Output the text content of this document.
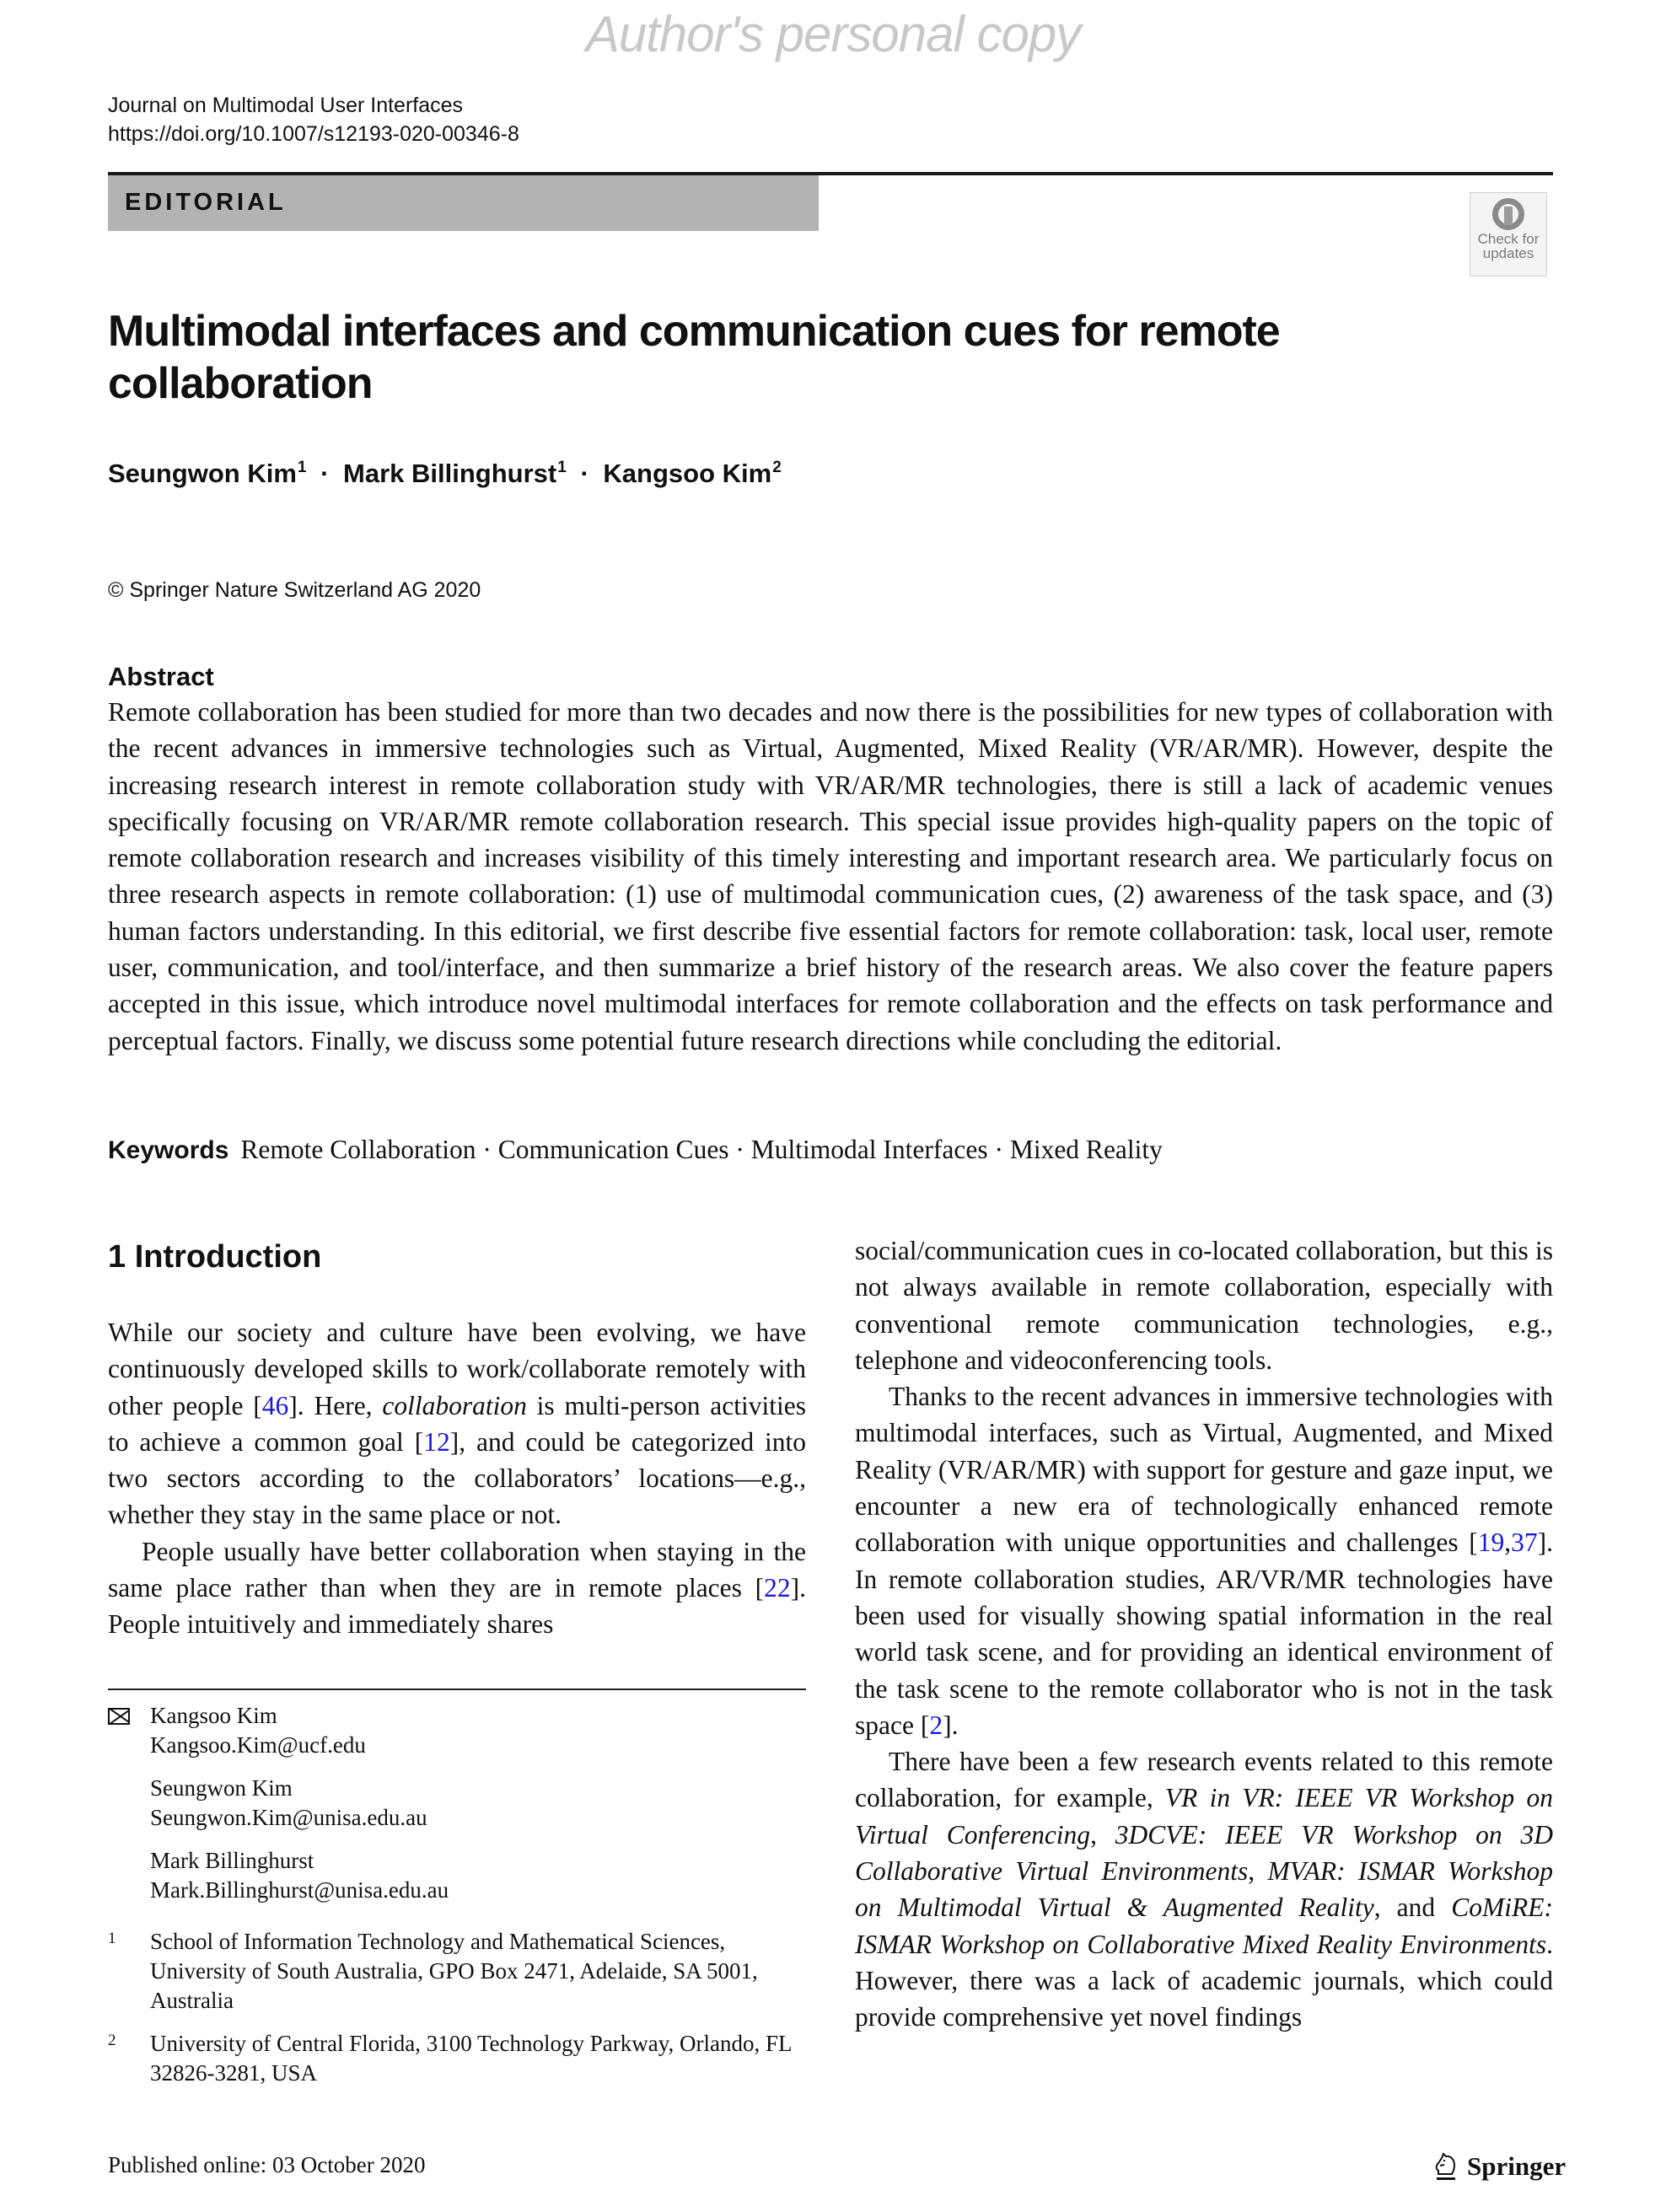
Author's personal copy
Journal on Multimodal User Interfaces
https://doi.org/10.1007/s12193-020-00346-8
EDITORIAL
Check for
updates
Multimodal interfaces and communication cues for remote
collaboration
Seungwon Kim$^1$ · Mark Billinghurst$^1$ · Kangsoo Kim$^2$
© Springer Nature Switzerland AG 2020
Abstract
Remote collaboration has been studied for more than two decades and now there is the possibilities for new types of collaboration with the recent advances in immersive technologies such as Virtual, Augmented, Mixed Reality (VR/AR/MR). However, despite the increasing research interest in remote collaboration study with VR/AR/MR technologies, there is still a lack of academic venues specifically focusing on VR/AR/MR remote collaboration research. This special issue provides high-quality papers on the topic of remote collaboration research and increases visibility of this timely interesting and important research area. We particularly focus on three research aspects in remote collaboration: (1) use of multimodal communication cues, (2) awareness of the task space, and (3) human factors understanding. In this editorial, we first describe five essential factors for remote collaboration: task, local user, remote user, communication, and tool/interface, and then summarize a brief history of the research areas. We also cover the feature papers accepted in this issue, which introduce novel multimodal interfaces for remote collaboration and the effects on task performance and perceptual factors. Finally, we discuss some potential future research directions while concluding the editorial.
Keywords Remote Collaboration · Communication Cues · Multimodal Interfaces · Mixed Reality
1 Introduction

While our society and culture have been evolving, we have continuously developed skills to work/collaborate remotely with other people [46]. Here, collaboration is multi-person activities to achieve a common goal [12], and could be categorized into two sectors according to the collaborators’ locations—e.g., whether they stay in the same place or not.

People usually have better collaboration when staying in the same place rather than when they are in remote places [22]. People intuitively and immediately shares

social/communication cues in co-located collaboration, but this is not always available in remote collaboration, especially with conventional remote communication technologies, e.g., telephone and videoconferencing tools.

Thanks to the recent advances in immersive technologies with multimodal interfaces, such as Virtual, Augmented, and Mixed Reality (VR/AR/MR) with support for gesture and gaze input, we encounter a new era of technologically enhanced remote collaboration with unique opportunities and challenges [19,37]. In remote collaboration studies, AR/VR/MR technologies have been used for visually showing spatial information in the real world task scene, and for providing an identical environment of the task scene to the remote collaborator who is not in the task space [2].

There have been a few research events related to this remote collaboration, for example, VR in VR: IEEE VR Workshop on Virtual Conferencing, 3DCVE: IEEE VR Workshop on 3D Collaborative Virtual Environments, MVAR: ISMAR Workshop on Multimodal Virtual & Augmented Reality, and CoMiRE: ISMAR Workshop on Collaborative Mixed Reality Environments. However, there was a lack of academic journals, which could provide comprehensive yet novel findings

Kangsoo Kim
Kangsoo.Kim@ucf.edu
Seungwon Kim
Seungwon.Kim@unisa.edu.au
Mark Billinghurst
Mark.Billinghurst@unisa.edu.au
1 School of Information Technology and Mathematical Sciences, University of South Australia, GPO Box 2471, Adelaide, SA 5001, Australia
2 University of Central Florida, 3100 Technology Parkway, Orlando, FL 32826-3281, USA
Published online: 03 October 2020	Springer
